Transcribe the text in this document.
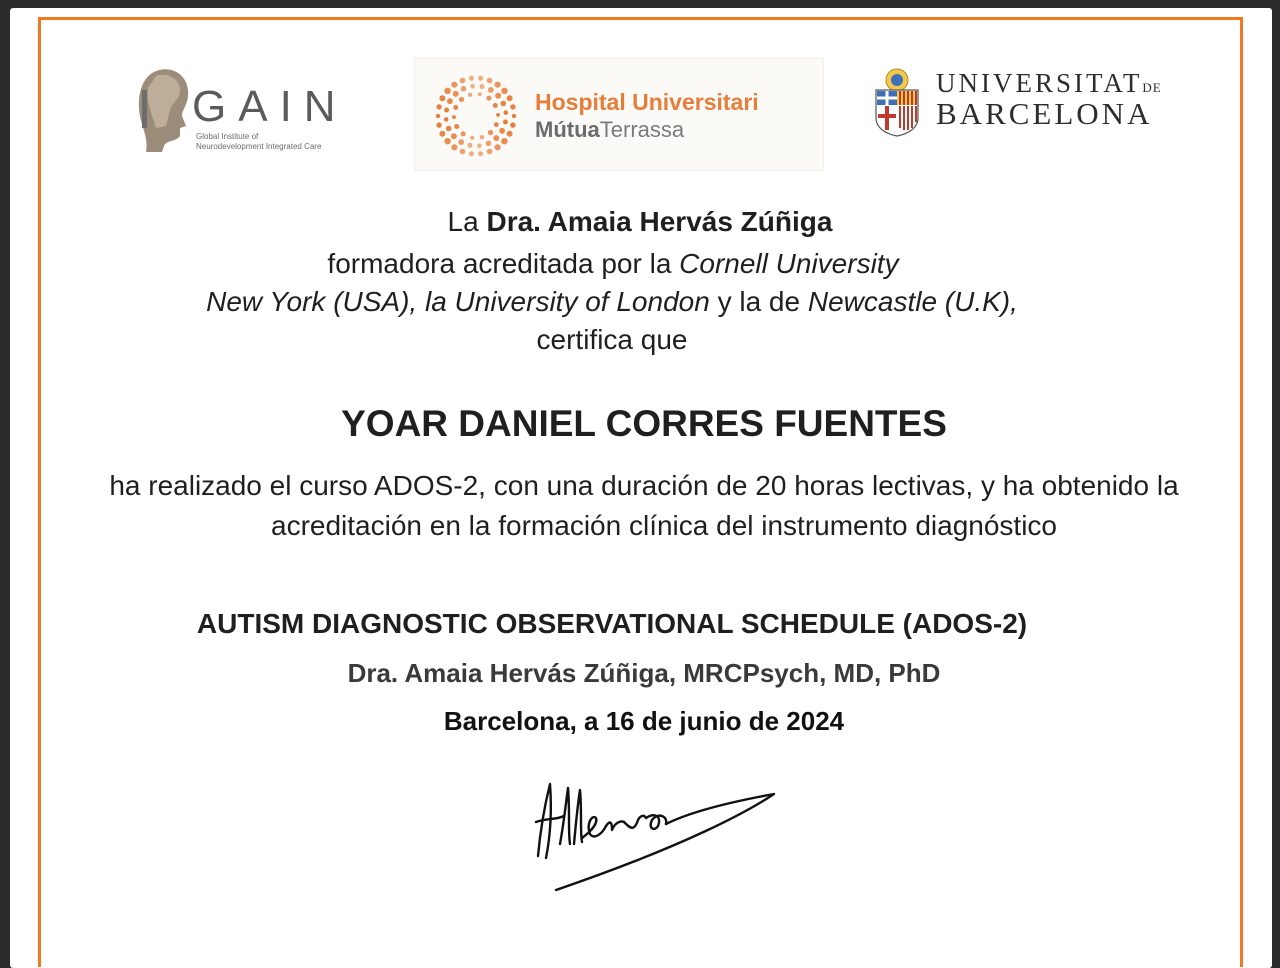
GAIN
Global Institute of
Neurodevelopment Integrated Care
Hospital Universitari
MútuaTerrassa
UNIVERSITATDE
BARCELONA
La Dra. Amaia Hervás Zúñiga
formadora acreditada por la Cornell University
New York (USA), la University of London y la de Newcastle (U.K),
certifica que
YOAR DANIEL CORRES FUENTES
ha realizado el curso ADOS-2, con una duración de 20 horas lectivas, y ha obtenido la
acreditación en la formación clínica del instrumento diagnóstico
AUTISM DIAGNOSTIC OBSERVATIONAL SCHEDULE (ADOS-2)
Dra. Amaia Hervás Zúñiga, MRCPsych, MD, PhD
Barcelona, a 16 de junio de 2024
